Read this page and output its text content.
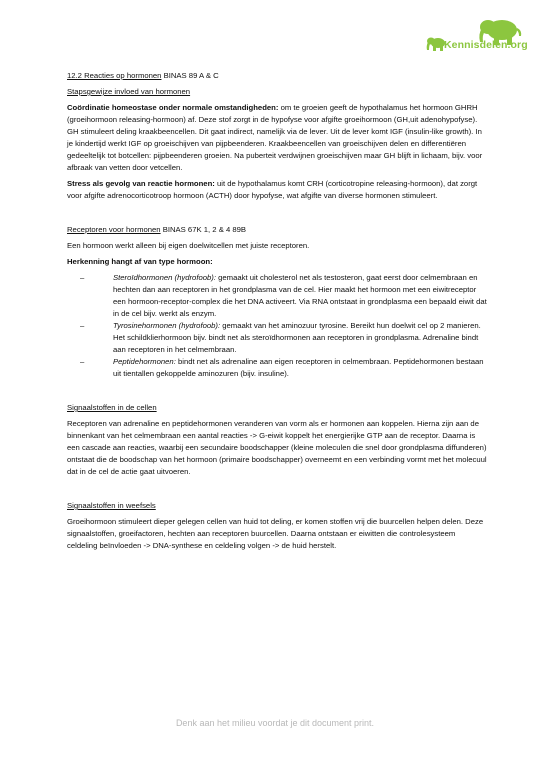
Kennisdelen.org

12.2 Reacties op hormonen BINAS 89 A & C

Stapsgewijze invloed van hormonen

Coördinatie homeostase onder normale omstandigheden: om te groeien geeft de hypothalamus het hormoon GHRH (groeihormoon releasing-hormoon) af. Deze stof zorgt in de hypofyse voor afgifte groeihormoon (GH,uit adenohypofyse). GH stimuleert deling kraakbeencellen. Dit gaat indirect, namelijk via de lever. Uit de lever komt IGF (insulin-like growth). In je kindertijd werkt IGF op groeischijven van pijpbeenderen. Kraakbeencellen van groeischijven delen en differentiëren gedeeltelijk tot botcellen: pijpbeenderen groeien. Na puberteit verdwijnen groeischijven maar GH blijft in lichaam, bijv. voor afbraak van vetten door vetcellen.

Stress als gevolg van reactie hormonen: uit de hypothalamus komt CRH (corticotropine releasing-hormoon), dat zorgt voor afgifte adrenocorticotroop hormoon (ACTH) door hypofyse, wat afgifte van diverse hormonen stimuleert.

Receptoren voor hormonen BINAS 67K 1, 2 & 4 89B

Een hormoon werkt alleen bij eigen doelwitcellen met juiste receptoren.

Herkenning hangt af van type hormoon:

–	Steroïdhormonen (hydrofoob): gemaakt uit cholesterol net als testosteron, gaat eerst door celmembraan en hechten dan aan receptoren in het grondplasma van de cel. Hier maakt het hormoon met een eiwitreceptor een hormoon-receptor-complex die het DNA activeert. Via RNA ontstaat in grondplasma een bepaald eiwit dat in de cel bijv. werkt als enzym.
–	Tyrosinehormonen (hydrofoob): gemaakt van het aminozuur tyrosine. Bereikt hun doelwit cel op 2 manieren. Het schildklierhormoon bijv. bindt net als steroïdhormonen aan receptoren in grondplasma. Adrenaline bindt aan receptoren in het celmembraan.
–	Peptidehormonen: bindt net als adrenaline aan eigen receptoren in celmembraan. Peptidehormonen bestaan uit tientallen gekoppelde aminozuren (bijv. insuline).

Signaalstoffen in de cellen

Receptoren van adrenaline en peptidehormonen veranderen van vorm als er hormonen aan koppelen. Hierna zijn aan de binnenkant van het celmembraan een aantal reacties -> G-eiwit koppelt het energierijke GTP aan de receptor. Daarna is een cascade aan reacties, waarbij een secundaire boodschapper (kleine moleculen die snel door grondplasma diffunderen) ontstaat die de boodschap van het hormoon (primaire boodschapper) overneemt en een verbinding vormt met het molecuul dat in de cel de actie gaat uitvoeren.

Signaalstoffen in weefsels

Groeihormoon stimuleert dieper gelegen cellen van huid tot deling, er komen stoffen vrij die buurcellen helpen delen. Deze signaalstoffen, groeifactoren, hechten aan receptoren buurcellen. Daarna ontstaan er eiwitten die controlesysteem celdeling beïnvloeden -> DNA-synthese en celdeling volgen -> de huid herstelt.

Denk aan het milieu voordat je dit document print.
